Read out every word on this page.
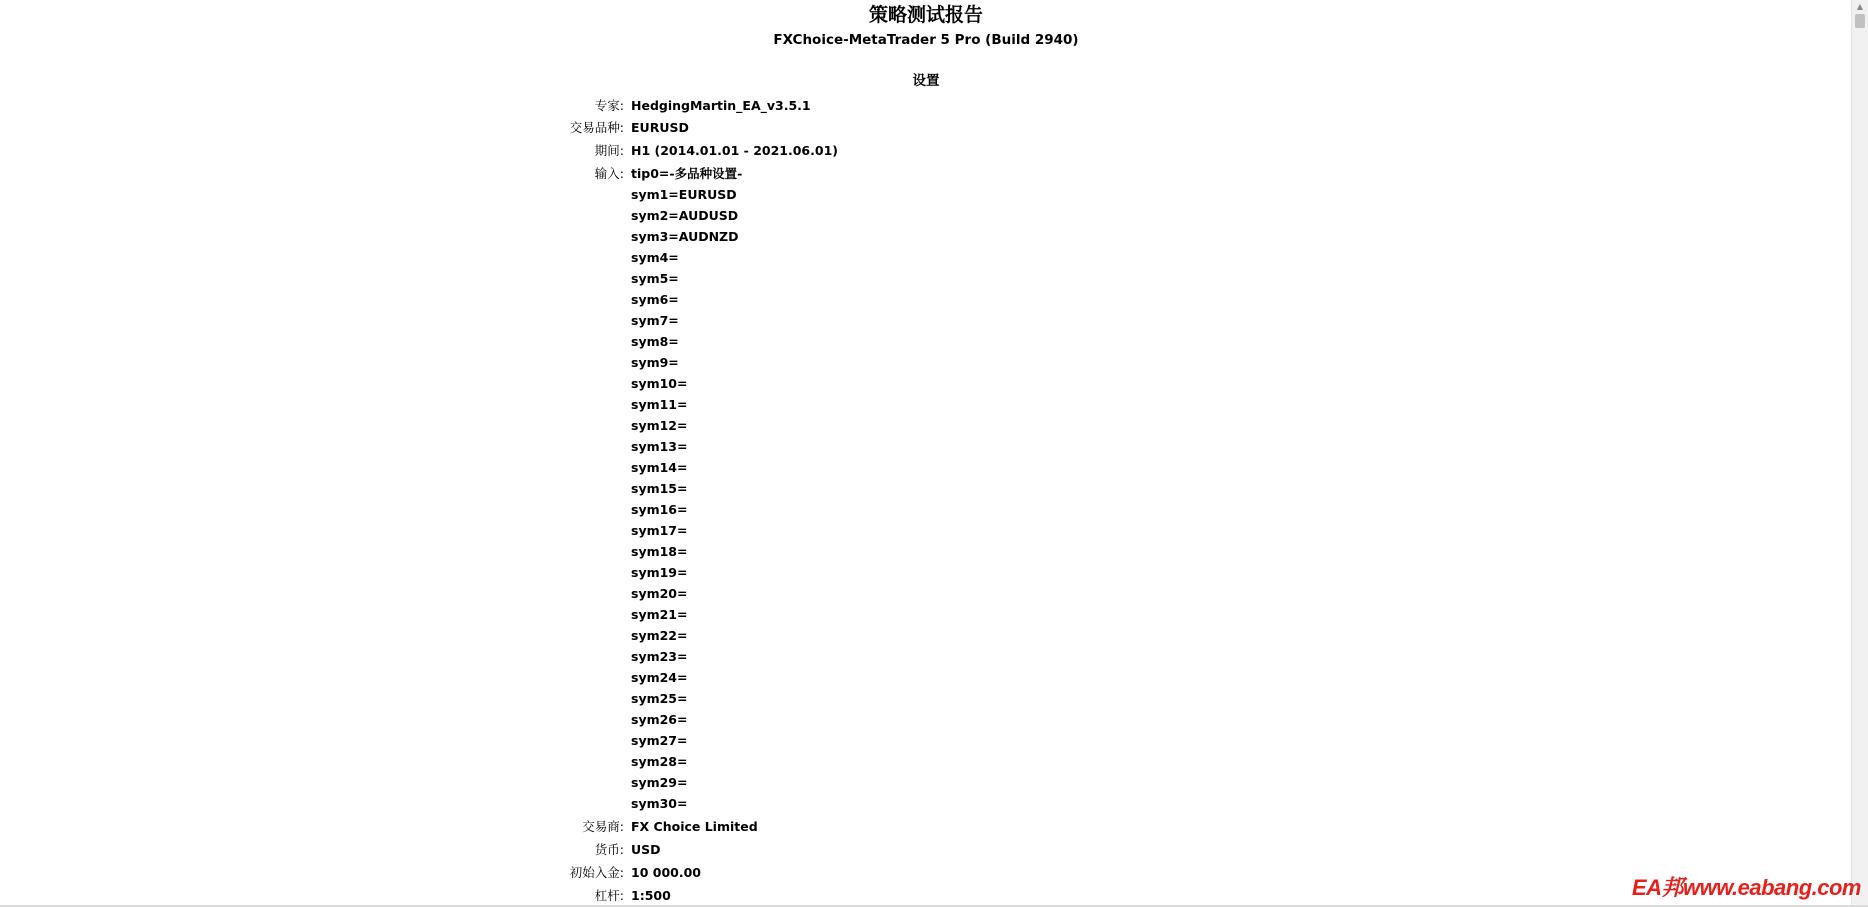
策略测试报告
FXChoice-MetaTrader 5 Pro (Build 2940)
设置
专家: HedgingMartin_EA_v3.5.1
交易品种: EURUSD
期间: H1 (2014.01.01 - 2021.06.01)
输入: tip0=-多品种设置-
sym1=EURUSD
sym2=AUDUSD
sym3=AUDNZD
sym4=
sym5=
sym6=
sym7=
sym8=
sym9=
sym10=
sym11=
sym12=
sym13=
sym14=
sym15=
sym16=
sym17=
sym18=
sym19=
sym20=
sym21=
sym22=
sym23=
sym24=
sym25=
sym26=
sym27=
sym28=
sym29=
sym30=
交易商: FX Choice Limited
货币: USD
初始入金: 10 000.00
杠杆: 1:500
▲
EA邦www.eabang.com
